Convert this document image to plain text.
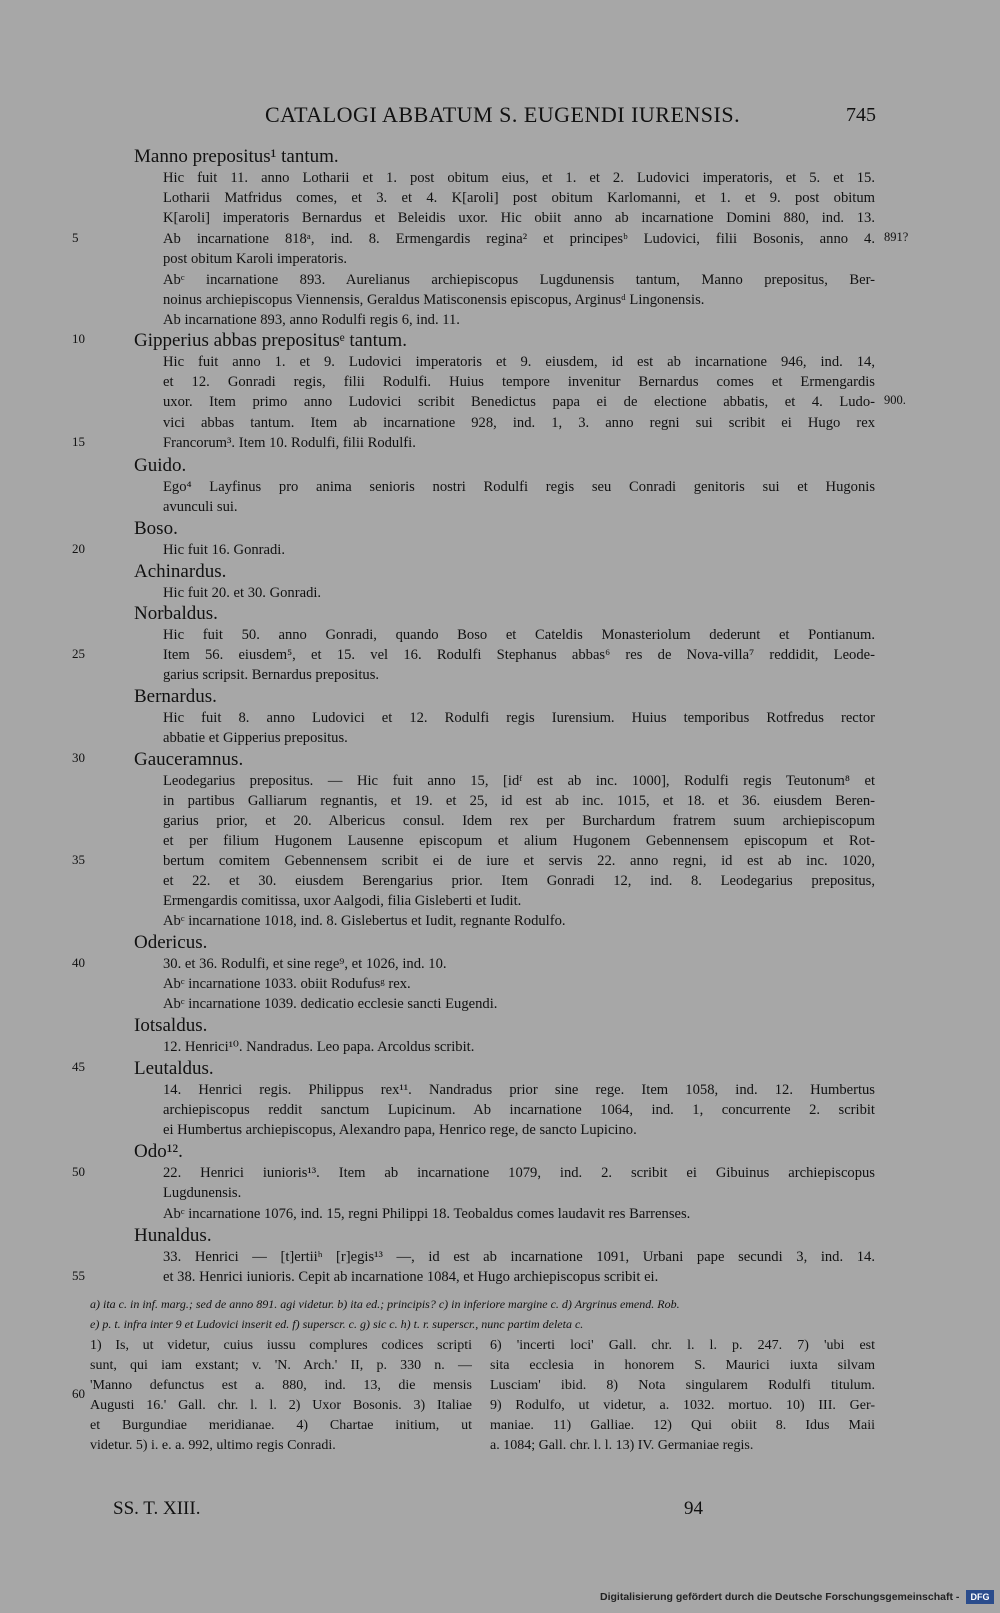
CATALOGI ABBATUM S. EUGENDI IURENSIS.	745
Manno prepositus¹ tantum.
Hic fuit 11. anno Lotharii et 1. post obitum eius, et 1. et 2. Ludovici imperatoris, et 5. et 15.
Lotharii Matfridus comes, et 3. et 4. K[aroli] post obitum Karlomanni, et 1. et 9. post obitum
K[aroli] imperatoris Bernardus et Beleidis uxor. Hic obiit anno ab incarnatione Domini 880, ind. 13.
Ab incarnatione 818ᵃ, ind. 8. Ermengardis regina² et principesᵇ Ludovici, filii Bosonis, anno 4.
post obitum Karoli imperatoris.
Abᶜ incarnatione 893. Aurelianus archiepiscopus Lugdunensis tantum, Manno prepositus, Ber-
noinus archiepiscopus Viennensis, Geraldus Matisconensis episcopus, Arginusᵈ Lingonensis.
Ab incarnatione 893, anno Rodulfi regis 6, ind. 11.
Gipperius abbas prepositusᵉ tantum.
Hic fuit anno 1. et 9. Ludovici imperatoris et 9. eiusdem, id est ab incarnatione 946, ind. 14,
et 12. Gonradi regis, filii Rodulfi. Huius tempore invenitur Bernardus comes et Ermengardis
uxor. Item primo anno Ludovici scribit Benedictus papa ei de electione abbatis, et 4. Ludo-
vici abbas tantum. Item ab incarnatione 928, ind. 1, 3. anno regni sui scribit ei Hugo rex
Francorum³. Item 10. Rodulfi, filii Rodulfi.
Guido.
Ego⁴ Layfinus pro anima senioris nostri Rodulfi regis seu Conradi genitoris sui et Hugonis
avunculi sui.
Boso.
Hic fuit 16. Gonradi.
Achinardus.
Hic fuit 20. et 30. Gonradi.
Norbaldus.
Hic fuit 50. anno Gonradi, quando Boso et Cateldis Monasteriolum dederunt et Pontianum.
Item 56. eiusdem⁵, et 15. vel 16. Rodulfi Stephanus abbas⁶ res de Nova-villa⁷ reddidit, Leode-
garius scripsit. Bernardus prepositus.
Bernardus.
Hic fuit 8. anno Ludovici et 12. Rodulfi regis Iurensium. Huius temporibus Rotfredus rector
abbatie et Gipperius prepositus.
Gauceramnus.
Leodegarius prepositus. — Hic fuit anno 15, [idᶠ est ab inc. 1000], Rodulfi regis Teutonum⁸ et
in partibus Galliarum regnantis, et 19. et 25, id est ab inc. 1015, et 18. et 36. eiusdem Beren-
garius prior, et 20. Albericus consul. Idem rex per Burchardum fratrem suum archiepiscopum
et per filium Hugonem Lausenne episcopum et alium Hugonem Gebennensem episcopum et Rot-
bertum comitem Gebennensem scribit ei de iure et servis 22. anno regni, id est ab inc. 1020,
et 22. et 30. eiusdem Berengarius prior. Item Gonradi 12, ind. 8. Leodegarius prepositus,
Ermengardis comitissa, uxor Aalgodi, filia Gisleberti et Iudit.
Abᶜ incarnatione 1018, ind. 8. Gislebertus et Iudit, regnante Rodulfo.
Odericus.
30. et 36. Rodulfi, et sine rege⁹, et 1026, ind. 10.
Abᶜ incarnatione 1033. obiit Rodufusᵍ rex.
Abᶜ incarnatione 1039. dedicatio ecclesie sancti Eugendi.
Iotsaldus.
12. Henrici¹⁰. Nandradus. Leo papa. Arcoldus scribit.
Leutaldus.
14. Henrici regis. Philippus rex¹¹. Nandradus prior sine rege. Item 1058, ind. 12. Humbertus
archiepiscopus reddit sanctum Lupicinum. Ab incarnatione 1064, ind. 1, concurrente 2. scribit
ei Humbertus archiepiscopus, Alexandro papa, Henrico rege, de sancto Lupicino.
Odo¹².
22. Henrici iunioris¹³. Item ab incarnatione 1079, ind. 2. scribit ei Gibuinus archiepiscopus
Lugdunensis.
Abᶜ incarnatione 1076, ind. 15, regni Philippi 18. Teobaldus comes laudavit res Barrenses.
Hunaldus.
33. Henrici — [t]ertiiʰ [r]egis¹³ —, id est ab incarnatione 1091, Urbani pape secundi 3, ind. 14.
et 38. Henrici iunioris. Cepit ab incarnatione 1084, et Hugo archiepiscopus scribit ei.
5
10
15
20
25
30
35
40
45
50
55
60
891?
900.
a) ita c. in inf. marg.; sed de anno 891. agi videtur. b) ita ed.; principis? c) in inferiore margine c. d) Argrinus emend. Rob.
e) p. t. infra inter 9 et Ludovici inserit ed. f) superscr. c. g) sic c. h) t. r. superscr., nunc partim deleta c.
1) Is, ut videtur, cuius iussu complures codices scripti
sunt, qui iam exstant; v. 'N. Arch.' II, p. 330 n. —
'Manno defunctus est a. 880, ind. 13, die mensis
Augusti 16.' Gall. chr. l. l. 2) Uxor Bosonis. 3) Italiae
et Burgundiae meridianae. 4) Chartae initium, ut
videtur. 5) i. e. a. 992, ultimo regis Conradi.
6) 'incerti loci' Gall. chr. l. l. p. 247. 7) 'ubi est
sita ecclesia in honorem S. Maurici iuxta silvam
Lusciam' ibid. 8) Nota singularem Rodulfi titulum.
9) Rodulfo, ut videtur, a. 1032. mortuo. 10) III. Ger-
maniae. 11) Galliae. 12) Qui obiit 8. Idus Maii
a. 1084; Gall. chr. l. l. 13) IV. Germaniae regis.
SS. T. XIII.	94
Digitalisierung gefördert durch die Deutsche Forschungsgemeinschaft -	DFG
